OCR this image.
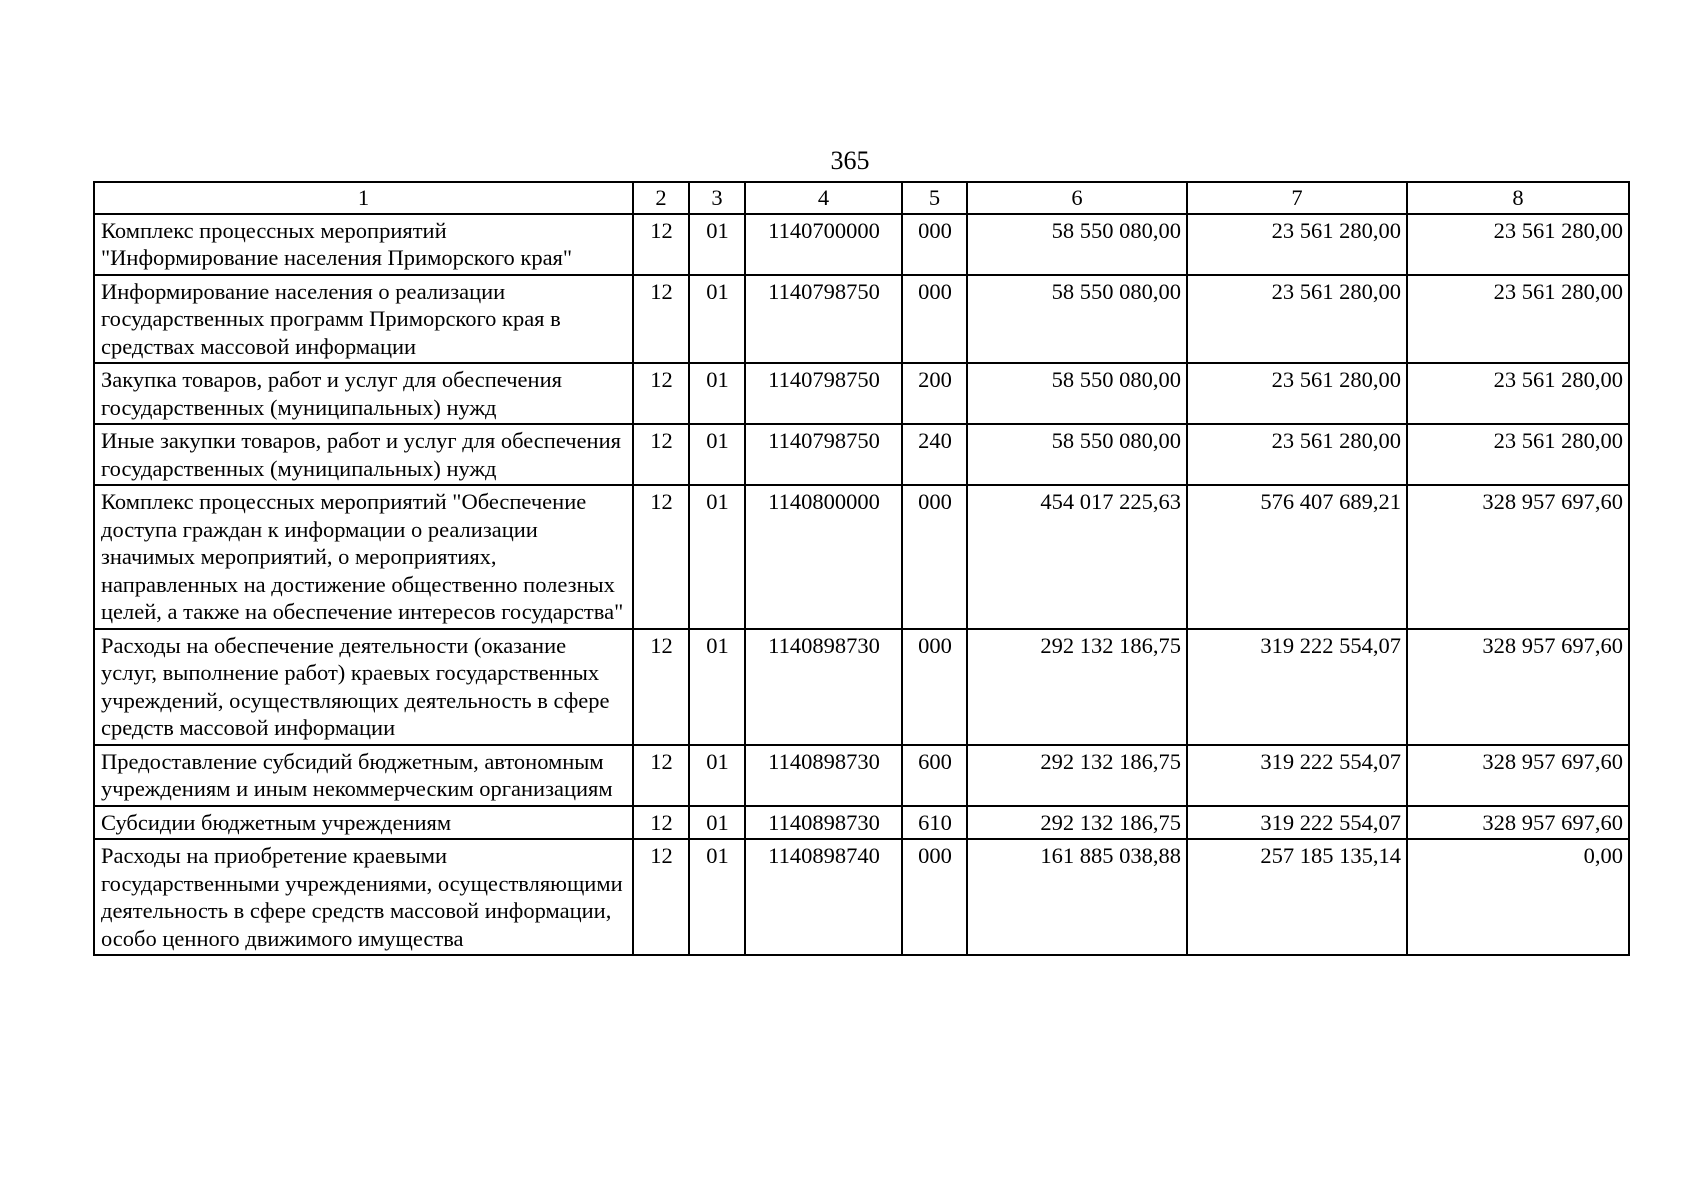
365
1	2	3	4	5	6	7	8
Комплекс процессных мероприятий "Информирование населения Приморского края"	12	01	1140700000	000	58 550 080,00	23 561 280,00	23 561 280,00
Информирование населения о реализации государственных программ Приморского края в средствах массовой информации	12	01	1140798750	000	58 550 080,00	23 561 280,00	23 561 280,00
Закупка товаров, работ и услуг для обеспечения государственных (муниципальных) нужд	12	01	1140798750	200	58 550 080,00	23 561 280,00	23 561 280,00
Иные закупки товаров, работ и услуг для обеспечения государственных (муниципальных) нужд	12	01	1140798750	240	58 550 080,00	23 561 280,00	23 561 280,00
Комплекс процессных мероприятий "Обеспечение доступа граждан к информации о реализации значимых мероприятий, о мероприятиях, направленных на достижение общественно полезных целей, а также на обеспечение интересов государства"	12	01	1140800000	000	454 017 225,63	576 407 689,21	328 957 697,60
Расходы на обеспечение деятельности (оказание услуг, выполнение работ) краевых государственных учреждений, осуществляющих деятельность в сфере средств массовой информации	12	01	1140898730	000	292 132 186,75	319 222 554,07	328 957 697,60
Предоставление субсидий бюджетным, автономным учреждениям и иным некоммерческим организациям	12	01	1140898730	600	292 132 186,75	319 222 554,07	328 957 697,60
Субсидии бюджетным учреждениям	12	01	1140898730	610	292 132 186,75	319 222 554,07	328 957 697,60
Расходы на приобретение краевыми государственными учреждениями, осуществляющими деятельность в сфере средств массовой информации, особо ценного движимого имущества	12	01	1140898740	000	161 885 038,88	257 185 135,14	0,00
